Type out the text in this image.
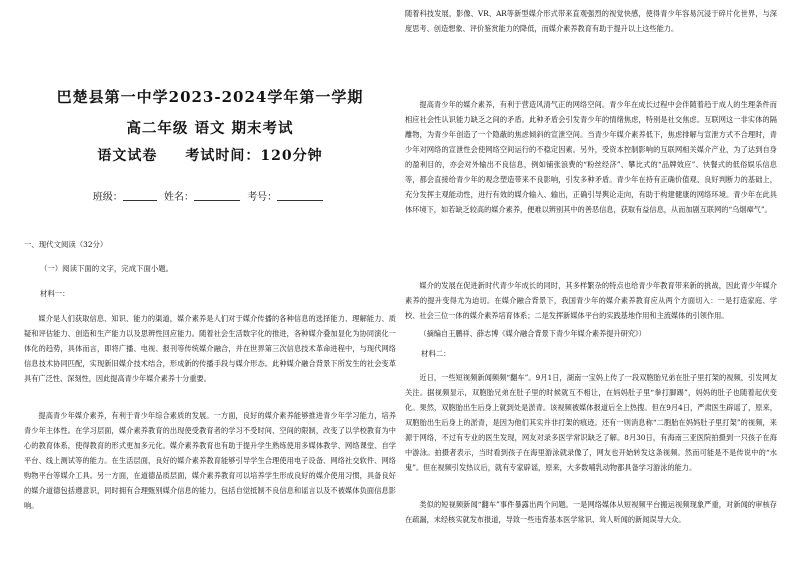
巴楚县第一中学2023-2024学年第一学期
高二年级 语文 期末考试
语文试卷 考试时间：120分钟
班级：	姓名：	考号：
一、现代文阅读（32分）
（一）阅读下面的文字，完成下面小题。
材料一：
媒介是人们获取信息、知识、能力的渠道，媒介素养是人们对于媒介传播的各种信息的选择能力、理解能力、质疑和评估能力、创造和生产能力以及思辨性回应能力。随着社会生活数字化的推进，各种媒介叠加显化为协同演化一体化的趋势，具体而言，即将广播、电视、报刊等传统媒介融合，并在世界第三次信息技术革命进程中，与现代网络信息技术协同匹配，实现新旧媒介技术结合，形成新的传播手段与媒介形态。此种媒介融合背景下所发生的社会变革具有广泛性、深刻性，因此提高青少年媒介素养十分重要。
提高青少年媒介素养，有利于青少年综合素质的发展。一方面，良好的媒介素养能够推进青少年学习能力，培养青少年主体性。在学习层面，媒介素养教育的出现使受教育者的学习不受时间、空间的限制，改变了以学校教育为中心的教育体系，使得教育的形式更加多元化。媒介素养教育也有助于提升学生熟练使用多媒体教学、网络课堂、自学平台、线上测试等的能力。在生活层面，良好的媒介素养教育能够引导学生合理使用电子设备、网络社交软件、网络购物平台等媒介工具。另一方面，在道德品质层面，媒介素养教育可以培养学生形成良好的媒介使用习惯，具备良好的媒介道德包括遵意识，同时拥有合理甄别媒介信息的能力，包括自觉抵制不良信息和谣言以及不被媒体负面信息影响。
随着科技发展，影像、VR、AR等新型媒介形式带来直观强烈的视觉快感，使得青少年容易沉浸于碎片化世界，与深度思考、创造想象、评价鉴赏能力的降低，而媒介素养教育有助于提升以上这些能力。
提高青少年的媒介素养，有利于营造风清气正的网络空间。青少年在成长过程中会伴随着趋于成人的生理条件而相应社会性认识能力缺乏之间的矛盾。此种矛盾会引发青少年的情绪焦虑，特别是社交焦虑。互联网这一非实体的隔離物，为青少年创造了一个隐蔽的焦虑倾斜的宣泄空间。当青少年媒介素养低下，焦虑排解与宣泄方式不合理时，青少年对网络的宣泄性会使网络空间运行的不稳定因素。另外，受资本控制影响的互联网相关媒介产业，为了达到自身的盈利目的，亦会对外输出不良信息，例如铺张浪费的“粉丝经济”、攀比式的“品牌效应”、快餐式的低俗娱乐信息等，都会直接给青少年的观念塑造带来不良影响，引发多种矛盾。青少年在持有正确价值观、良好判断力的基础上，充分发挥主观能动性，进行有效的媒介输入、输出，正确引导舆论走向，有助于构建健康的网络环境。青少年在此具体环境下，如若缺乏较高的媒介素养，便难以辨别其中的善恶信息，获取有益信息，从而加剧互联网的“乌烟瘴气”。
媒介的发展在促进新时代青少年成长的同时，其多样繁杂的特点也给青少年教育带来新的挑战，因此青少年媒介素养的提升变得尤为迫切。在媒介融合背景下，我国青少年的媒介素养教育应从两个方面切入：一是打造家庭、学校、社会三位一体的媒介素养培育体系；二是发挥新媒体平台的实践基地作用和主流媒体的引领作用。
（摘编自王鹏祥、薛志博《媒介融合背景下青少年媒介素养提升研究》）
材料二：
近日，一些短视频新闻频频“翻车”。9月1日，湖南一宝妈上传了一段双胞胎兄弟在肚子里打架的视频，引发网友关注。据视频显示，双胞胎兄弟在肚子里的时候就互不相让，在妈妈肚子里“拳打脚踢”，妈妈的肚子也随着起伏变化。果然，双胞胎出生后身上就到处是淤青。该视频被媒体报道后全上热搜。但在9月4日，严肃医生辟谣了，原来，双胞胎出生后身上的淤青，是因为他们其实并非打架的痕迹。还有一则消息称“二胞胎在妈妈肚子里打架”的视频，来源于网络，不过有专业的医生发现，网友对录多医学常识缺乏了解。8月30日，有海南三亚医院拍摄到一只孩子在海中游泳。拍摄者表示，当时看到孩子在海里游泳就录像了，网友也开始转发这条视频。然而可能是不是传说中的“水鬼”。但在视频引发热议后，就有专家辟谣，原来，大多数哺乳动物都具备学习游泳的能力。
类似的短视频新闻“翻车”事件暴露出两个问题。一是网络媒体从短视频平台搬运视频现象严重，对新闻的审核存在疏漏，未经核实就发布报道，导致一些违背基本医学常识、耸人听闻的新闻误导大众。
